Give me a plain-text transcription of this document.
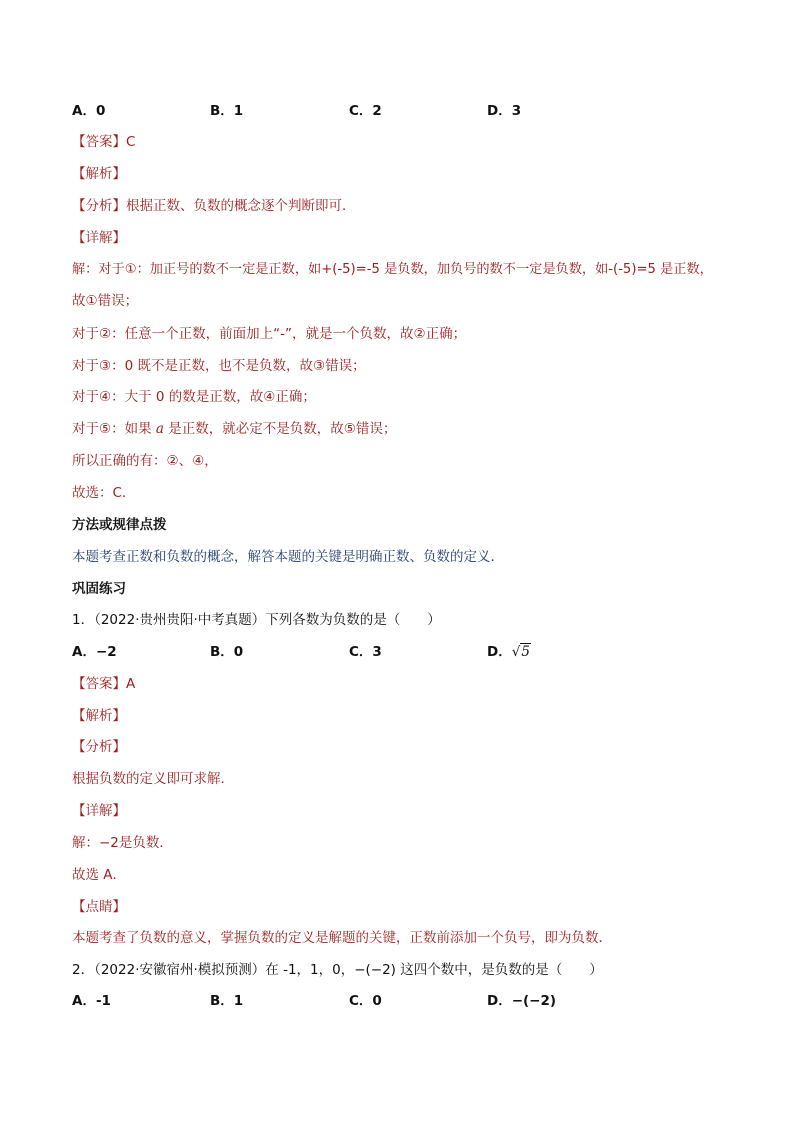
A．0	B．1	C．2	D．3
【答案】C
【解析】
【分析】根据正数、负数的概念逐个判断即可．
【详解】
解：对于①：加正号的数不一定是正数，如+(-5)=-5 是负数，加负号的数不一定是负数，如-(-5)=5 是正数，
故①错误；
对于②：任意一个正数，前面加上“-”，就是一个负数，故②正确；
对于③：0 既不是正数，也不是负数，故③错误；
对于④：大于 0 的数是正数，故④正确；
对于⑤：如果 a 是正数，就必定不是负数，故⑤错误；
所以正确的有：②、④，
故选：C．
方法或规律点拨
本题考查正数和负数的概念，解答本题的关键是明确正数、负数的定义．
巩固练习
1．（2022·贵州贵阳·中考真题）下列各数为负数的是（　　）
A．−2	B．0	C．3	D．√5
【答案】A
【解析】
【分析】
根据负数的定义即可求解．
【详解】
解：−2是负数．
故选 A．
【点睛】
本题考查了负数的意义，掌握负数的定义是解题的关键，正数前添加一个负号，即为负数．
2．（2022·安徽宿州·模拟预测）在 -1，1，0，−(−2) 这四个数中，是负数的是（　　）
A．-1	B．1	C．0	D．−(−2)
